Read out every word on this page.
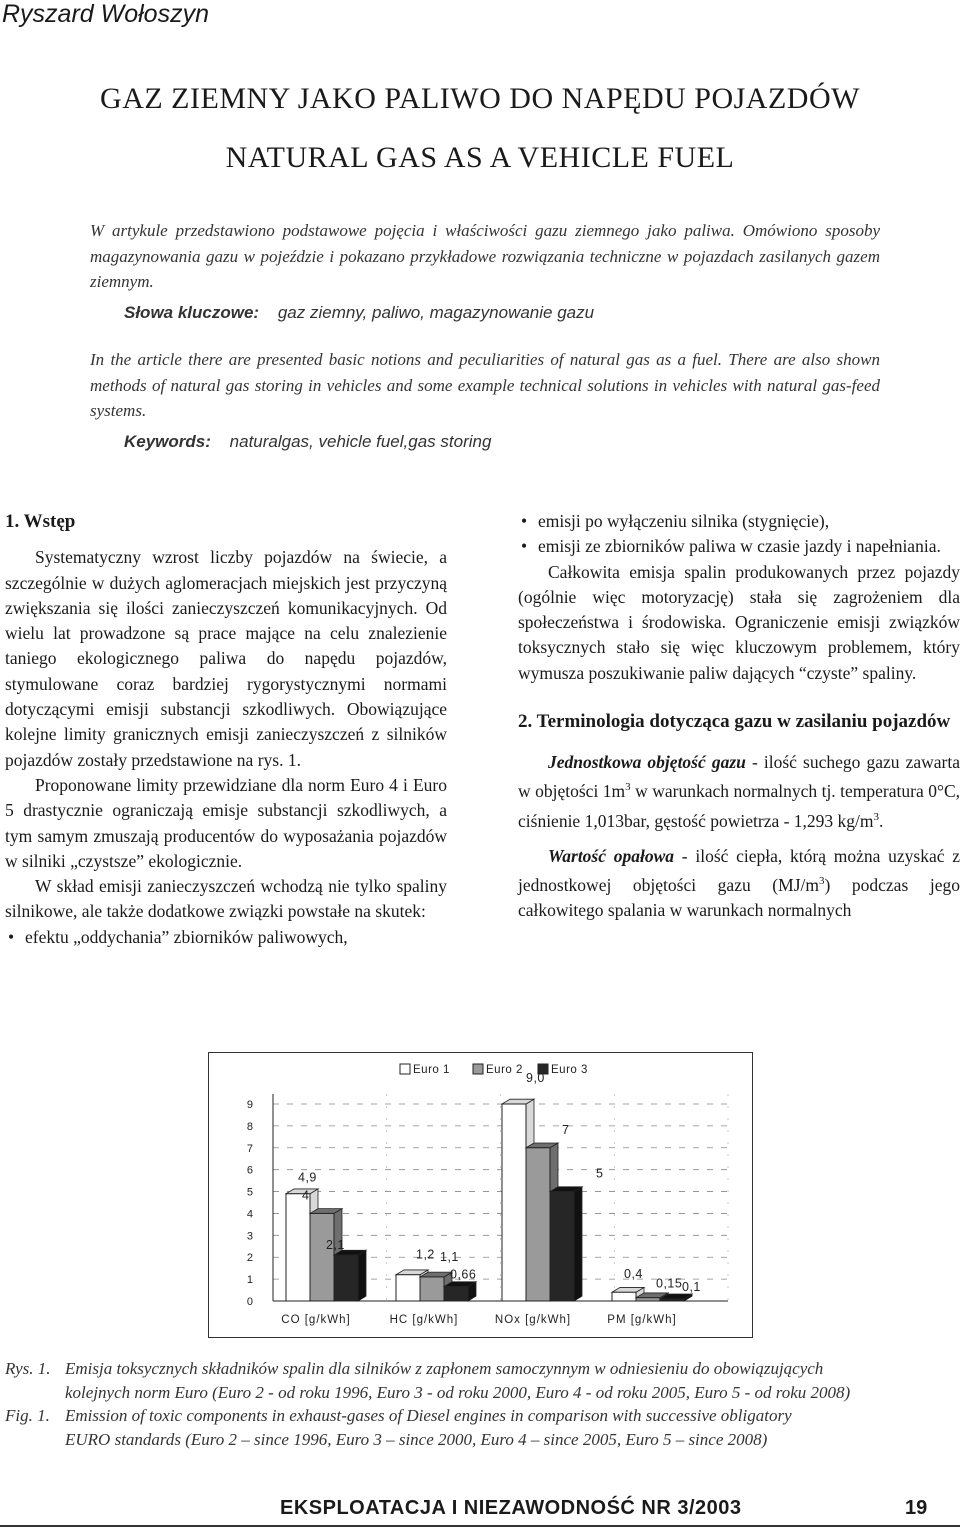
Ryszard Wołoszyn
GAZ ZIEMNY JAKO PALIWO DO NAPĘDU POJAZDÓW
NATURAL GAS AS A VEHICLE FUEL

W artykule przedstawiono podstawowe pojęcia i właściwości gazu ziemnego jako paliwa. Omówiono sposoby magazynowania gazu w pojeździe i pokazano przykładowe rozwiązania techniczne w pojazdach zasilanych gazem ziemnym.

Słowa kluczowe: gaz ziemny, paliwo, magazynowanie gazu

In the article there are presented basic notions and peculiarities of natural gas as a fuel. There are also shown methods of natural gas storing in vehicles and some example technical solutions in vehicles with natural gas-feed systems.

Keywords: naturalgas, vehicle fuel,gas storing
1. Wstęp

Systematyczny wzrost liczby pojazdów na świecie, a szczególnie w dużych aglomeracjach miejskich jest przyczyną zwiększania się ilości zanieczyszczeń komunikacyjnych. Od wielu lat prowadzone są prace mające na celu znalezienie taniego ekologicznego paliwa do napędu pojazdów, stymulowane coraz bardziej rygorystycznymi normami dotyczącymi emisji substancji szkodliwych. Obowiązujące kolejne limity granicznych emisji zanieczyszczeń z silników pojazdów zostały przedstawione na rys. 1.

Proponowane limity przewidziane dla norm Euro 4 i Euro 5 drastycznie ograniczają emisje substancji szkodliwych, a tym samym zmuszają producentów do wyposażania pojazdów w silniki „czystsze” ekologicznie.

W skład emisji zanieczyszczeń wchodzą nie tylko spaliny silnikowe, ale także dodatkowe związki powstałe na skutek:

• efektu „oddychania” zbiorników paliwowych,
• emisji po wyłączeniu silnika (stygnięcie),
• emisji ze zbiorników paliwa w czasie jazdy i napełniania.

Całkowita emisja spalin produkowanych przez pojazdy (ogólnie więc motoryzację) stała się zagrożeniem dla społeczeństwa i środowiska. Ograniczenie emisji związków toksycznych stało się więc kluczowym problemem, który wymusza poszukiwanie paliw dających “czyste” spaliny.

2. Terminologia dotycząca gazu w zasilaniu pojazdów

Jednostkowa objętość gazu - ilość suchego gazu zawarta w objętości $1m^3$ w warunkach normalnych tj. temperatura 0°C, ciśnienie 1,013bar, gęstość powietrza - 1,293 $kg/m^3$.

Wartość opałowa - ilość ciepła, którą można uzyskać z jednostkowej objętości gazu $(MJ/m^3)$ podczas jego całkowitego spalania w warunkach normalnych

Euro 1	Euro 2 Euro 3
0
1
2
3
4
5
6
7
8
9
4,9
1,2
9,0
0,4
4
1,1
7
0,15
2,1
0,66
5
0,1
CO [g/kWh]	HC [g/kWh]	NOx [g/kWh]	PM [g/kWh]
Rys. 1. Emisja toksycznych składników spalin dla silników z zapłonem samoczynnym w odniesieniu do obowiązujących
kolejnych norm Euro (Euro 2 - od roku 1996, Euro 3 - od roku 2000, Euro 4 - od roku 2005, Euro 5 - od roku 2008)
Fig. 1. Emission of toxic components in exhaust-gases of Diesel engines in comparison with successive obligatory
EURO standards (Euro 2 – since 1996, Euro 3 – since 2000, Euro 4 – since 2005, Euro 5 – since 2008)
EKSPLOATACJA I NIEZAWODNOŚĆ NR 3/2003	19
